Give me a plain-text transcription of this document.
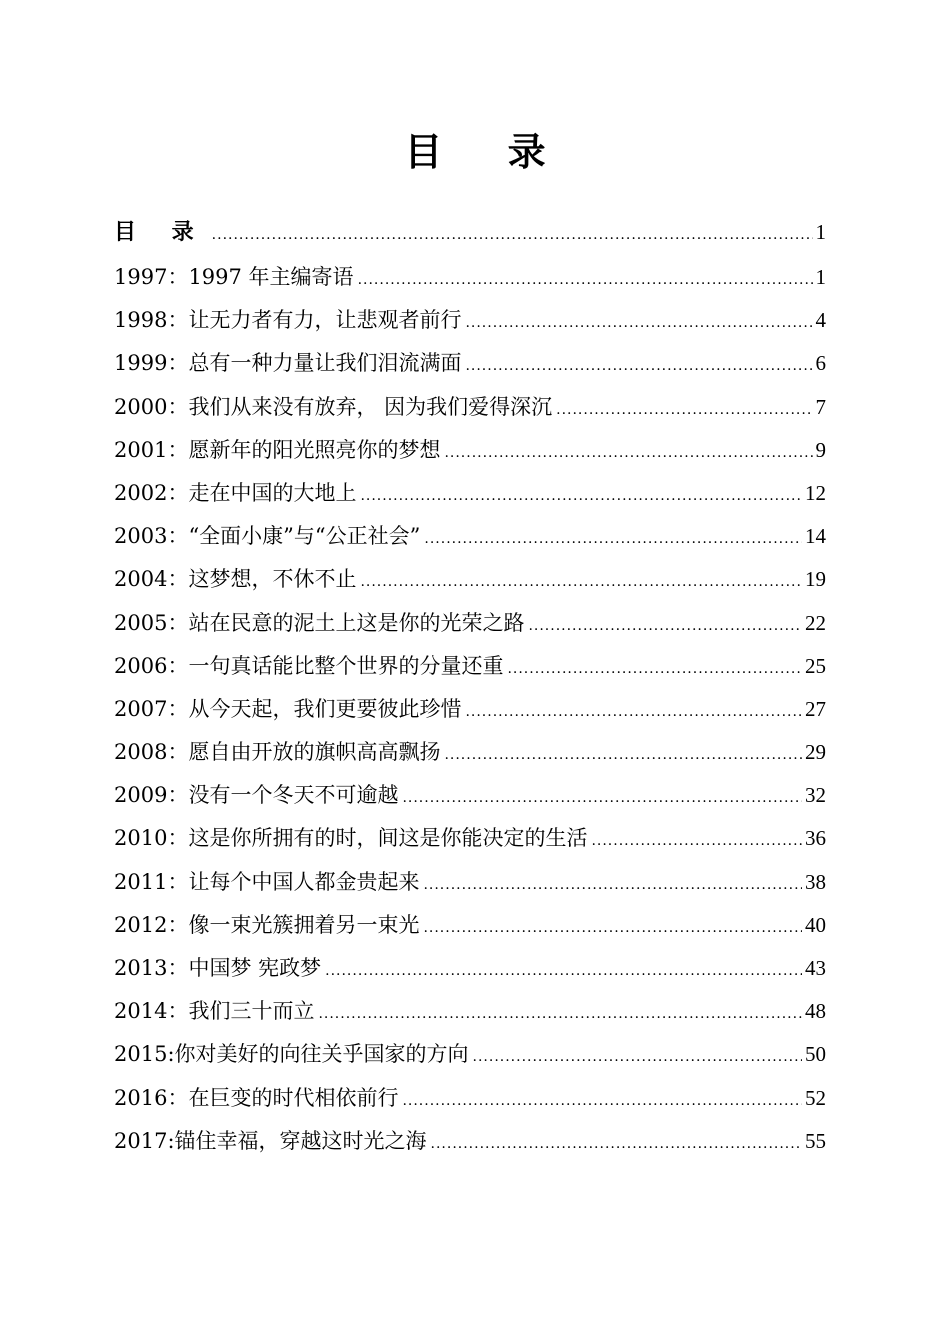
目 录
目 录 .....	1
1997：1997 年主编寄语 .....	1
1998：让无力者有力，让悲观者前行 .....	4
1999：总有一种力量让我们泪流满面 .....	6
2000：我们从来没有放弃， 因为我们爱得深沉 .....	7
2001：愿新年的阳光照亮你的梦想 .....	9
2002：走在中国的大地上 .....	12
2003：“全面小康”与“公正社会” .....	14
2004：这梦想，不休不止 .....	19
2005：站在民意的泥土上这是你的光荣之路 .....	22
2006：一句真话能比整个世界的分量还重 .....	25
2007：从今天起，我们更要彼此珍惜 .....	27
2008：愿自由开放的旗帜高高飘扬 .....	29
2009：没有一个冬天不可逾越 .....	32
2010：这是你所拥有的时，间这是你能决定的生活 .....	36
2011：让每个中国人都金贵起来 .....	38
2012：像一束光簇拥着另一束光 .....	40
2013：中国梦 宪政梦 .....	43
2014：我们三十而立 .....	48
2015:你对美好的向往关乎国家的方向 .....	50
2016：在巨变的时代相依前行 .....	52
2017:锚住幸福，穿越这时光之海 .....	55
